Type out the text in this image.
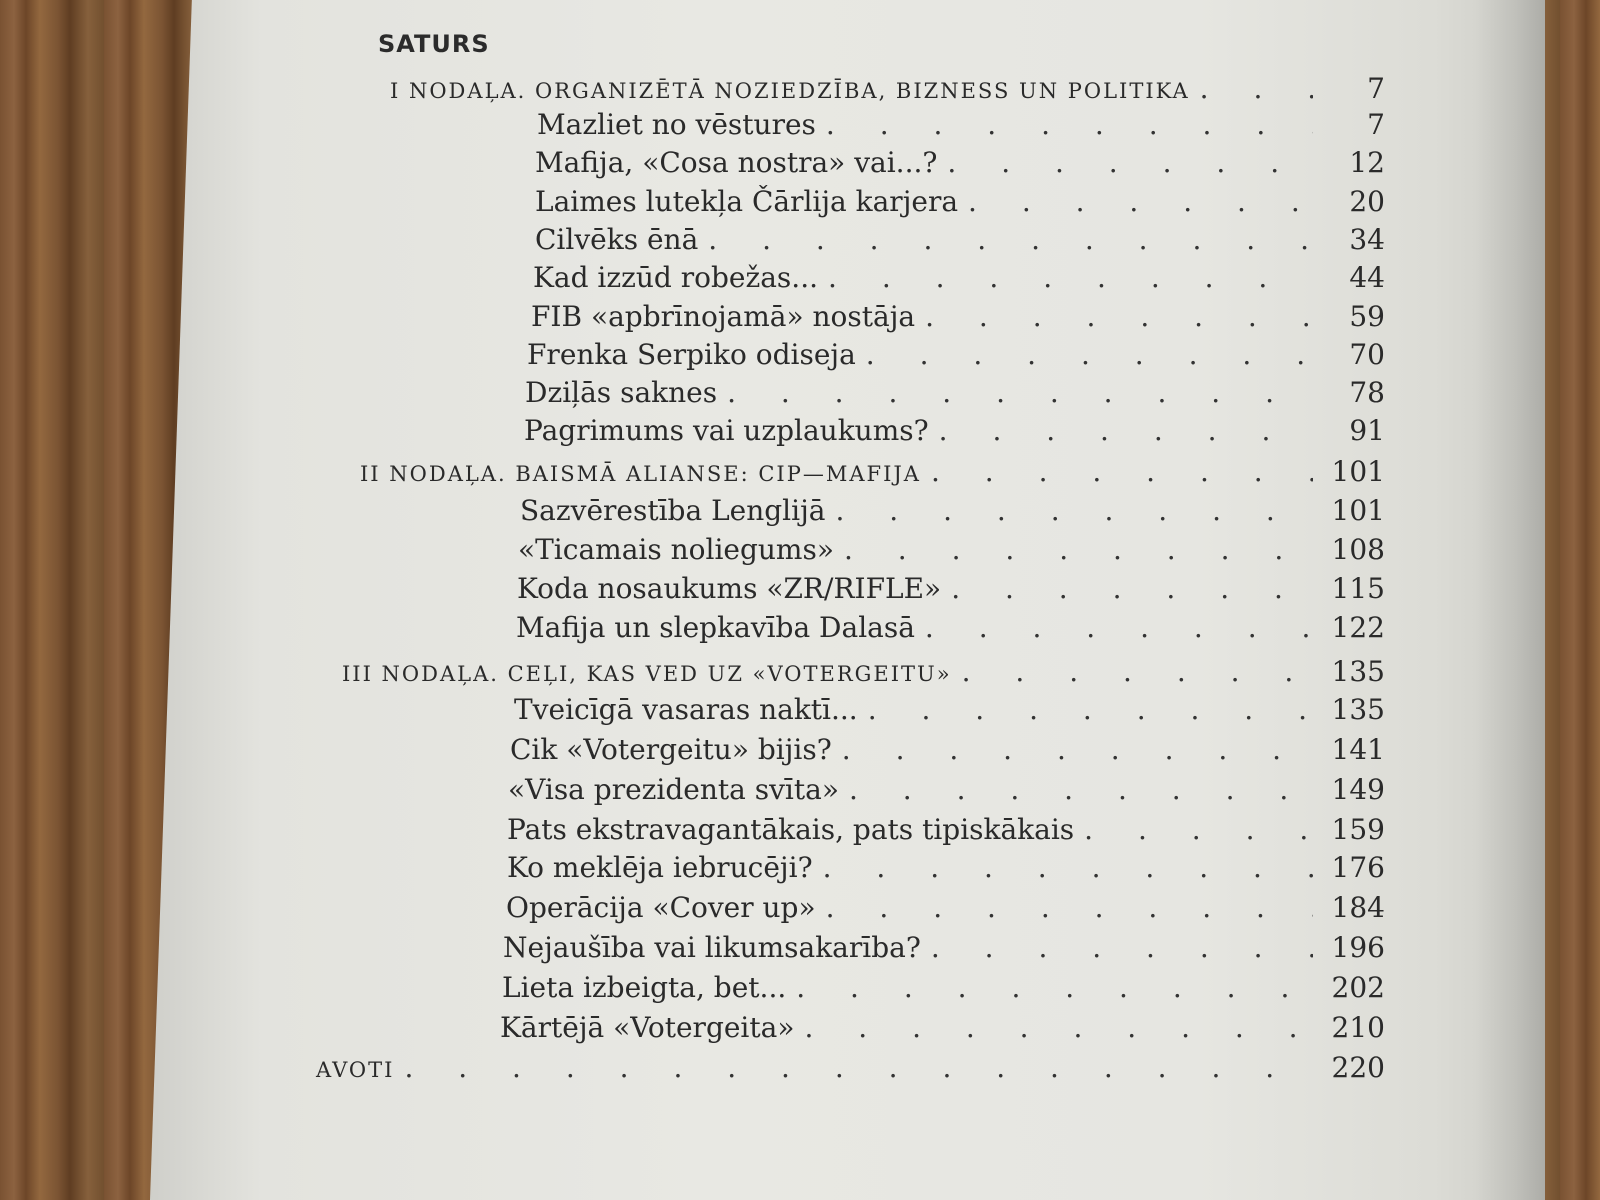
SATURS
I NODAĻA. ORGANIZĒTĀ NOZIEDZĪBA, BIZNESS UN POLITIKA . . .	7
Mazliet no vēstures . . .	7
Mafija, «Cosa nostra» vai...? . . .	12
Laimes lutekļa Čārlija karjera . . .	20
Cilvēks ēnā . . .	34
Kad izzūd robežas... . . .	44
FIB «apbrīnojamā» nostāja . . .	59
Frenka Serpiko odiseja . . .	70
Dziļās saknes . . .	78
Pagrimums vai uzplaukums? . . .	91
II NODAĻA. BAISMĀ ALIANSE: CIP—MAFIJA . . .	101
Sazvērestība Lenglijā . . .	101
«Ticamais noliegums» . . .	108
Koda nosaukums «ZR/RIFLE» . . .	115
Mafija un slepkavība Dalasā . . .	122
III NODAĻA. CEĻI, KAS VED UZ «VOTERGEITU» . . .	135
Tveicīgā vasaras naktī... . . .	135
Cik «Votergeitu» bijis? . . .	141
«Visa prezidenta svīta» . . .	149
Pats ekstravagantākais, pats tipiskākais . . .	159
Ko meklēja iebrucēji? . . .	176
Operācija «Cover up» . . .	184
Nejaušība vai likumsakarība? . . .	196
Lieta izbeigta, bet... . . .	202
Kārtējā «Votergeita» . . .	210
AVOTI . . .	220
